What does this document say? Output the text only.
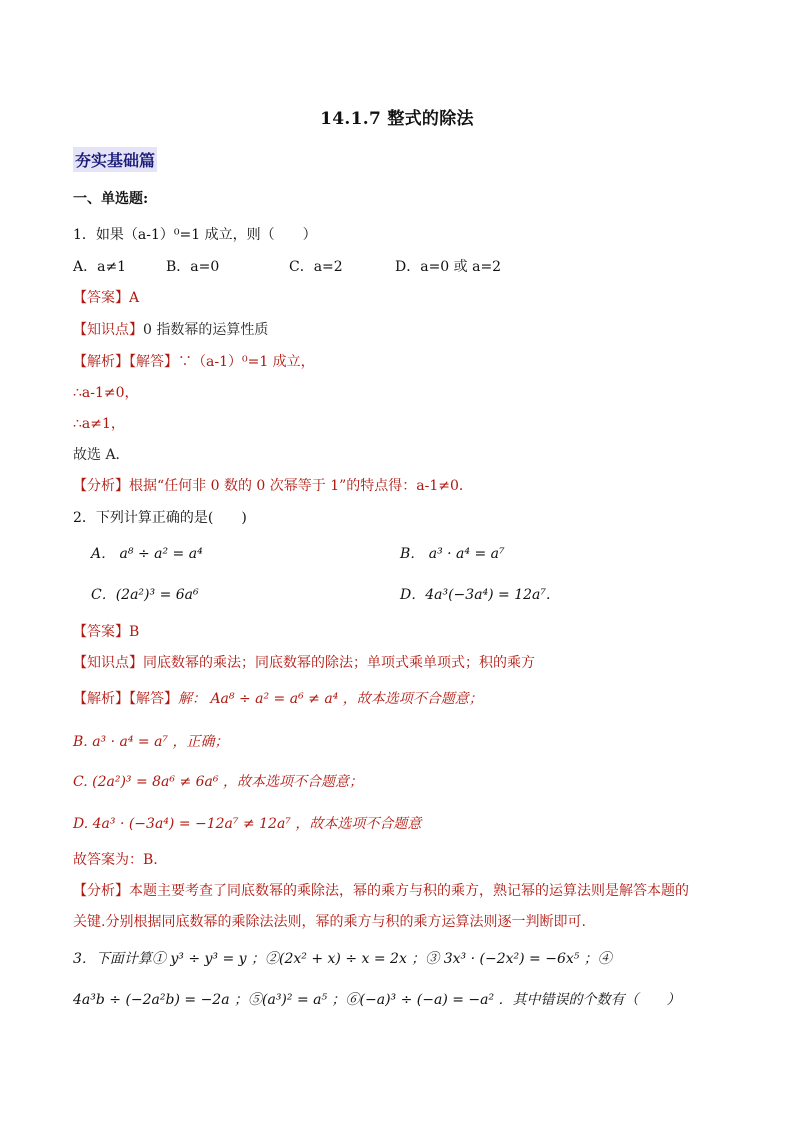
14.1.7 整式的除法
夯实基础篇
一、单选题:
1．如果（a-1）⁰=1 成立，则（　　）
A．a≠1	B．a=0	C．a=2	D．a=0 或 a=2
【答案】A
【知识点】0 指数幂的运算性质
【解析】【解答】∵（a-1）⁰=1 成立，
∴a-1≠0，
∴a≠1，
故选 A．
【分析】根据“任何非 0 数的 0 次幂等于 1”的特点得：a-1≠0．
2．下列计算正确的是(　　)
A． a⁸ ÷ a² = a⁴	B． a³ · a⁴ = a⁷
C．(2a²)³ = 6a⁶	D．4a³(−3a⁴) = 12a⁷.
【答案】B
【知识点】同底数幂的乘法；同底数幂的除法；单项式乘单项式；积的乘方
【解析】【解答】解： Aa⁸ ÷ a² = a⁶ ≠ a⁴ ，故本选项不合题意；
B. a³ · a⁴ = a⁷ ，正确；
C. (2a²)³ = 8a⁶ ≠ 6a⁶ ，故本选项不合题意；
D. 4a³ · (−3a⁴) = −12a⁷ ≠ 12a⁷ ，故本选项不合题意
故答案为：B.
【分析】本题主要考查了同底数幂的乘除法，幂的乘方与积的乘方，熟记幂的运算法则是解答本题的
关键.分别根据同底数幂的乘除法法则，幂的乘方与积的乘方运算法则逐一判断即可.
3．下面计算① y³ ÷ y³ = y ；②(2x² + x) ÷ x = 2x ；③ 3x³ · (−2x²) = −6x⁵ ；④
4a³b ÷ (−2a²b) = −2a ；⑤(a³)² = a⁵ ；⑥(−a)³ ÷ (−a) = −a² ．其中错误的个数有（　　）
